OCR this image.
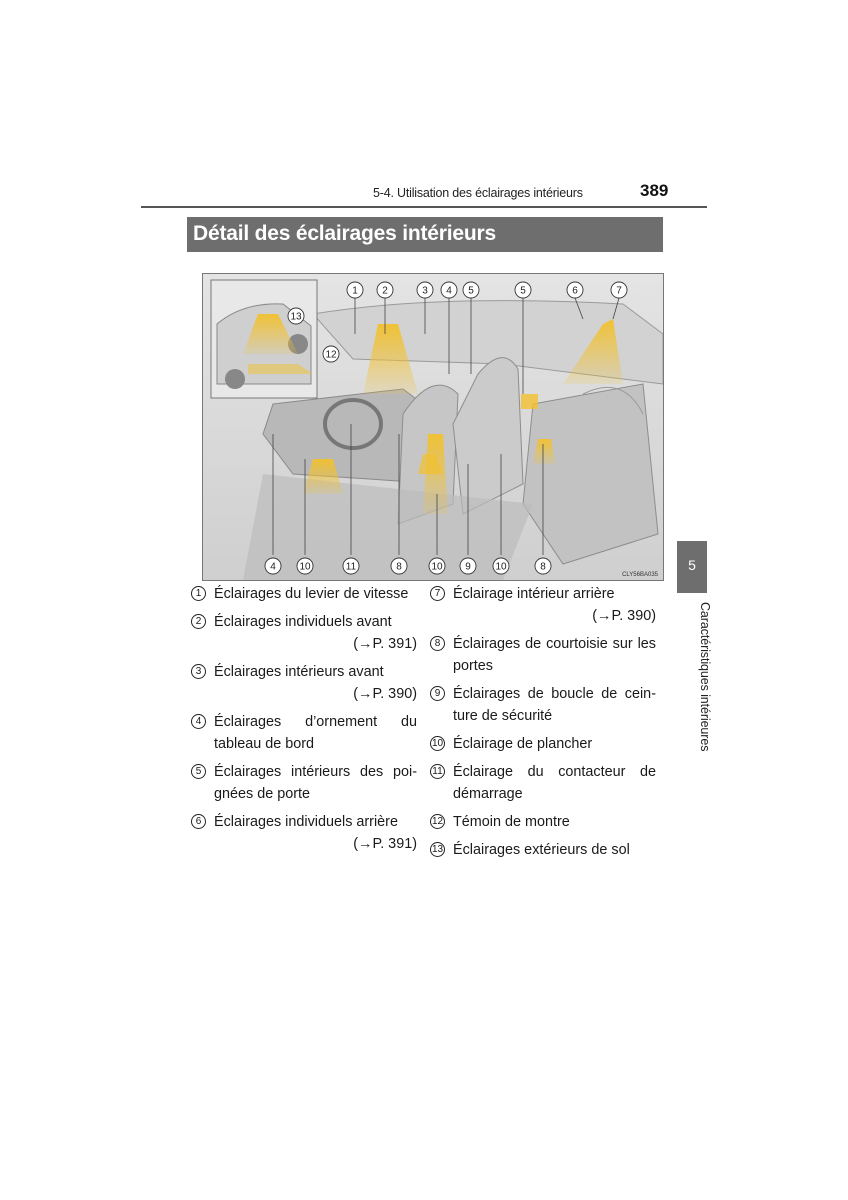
5-4. Utilisation des éclairages intérieurs	389
Détail des éclairages intérieurs
1 2	3 4 5	5	6	7
4 10	11	8	10 9 10	8
13
12
CLY56BA035
5
Caractéristiques intérieures
1 Éclairages du levier de vitesse
2 Éclairages individuels avant
(→P. 391)
3 Éclairages intérieurs avant
(→P. 390)
4 Éclairages d’ornement du tableau de bord
5 Éclairages intérieurs des poignées de porte
6 Éclairages individuels arrière
(→P. 391)
7 Éclairage intérieur arrière
(→P. 390)
8 Éclairages de courtoisie sur les portes
9 Éclairages de boucle de ceinture de sécurité
10 Éclairage de plancher
11 Éclairage du contacteur de démarrage
12 Témoin de montre
13 Éclairages extérieurs de sol
